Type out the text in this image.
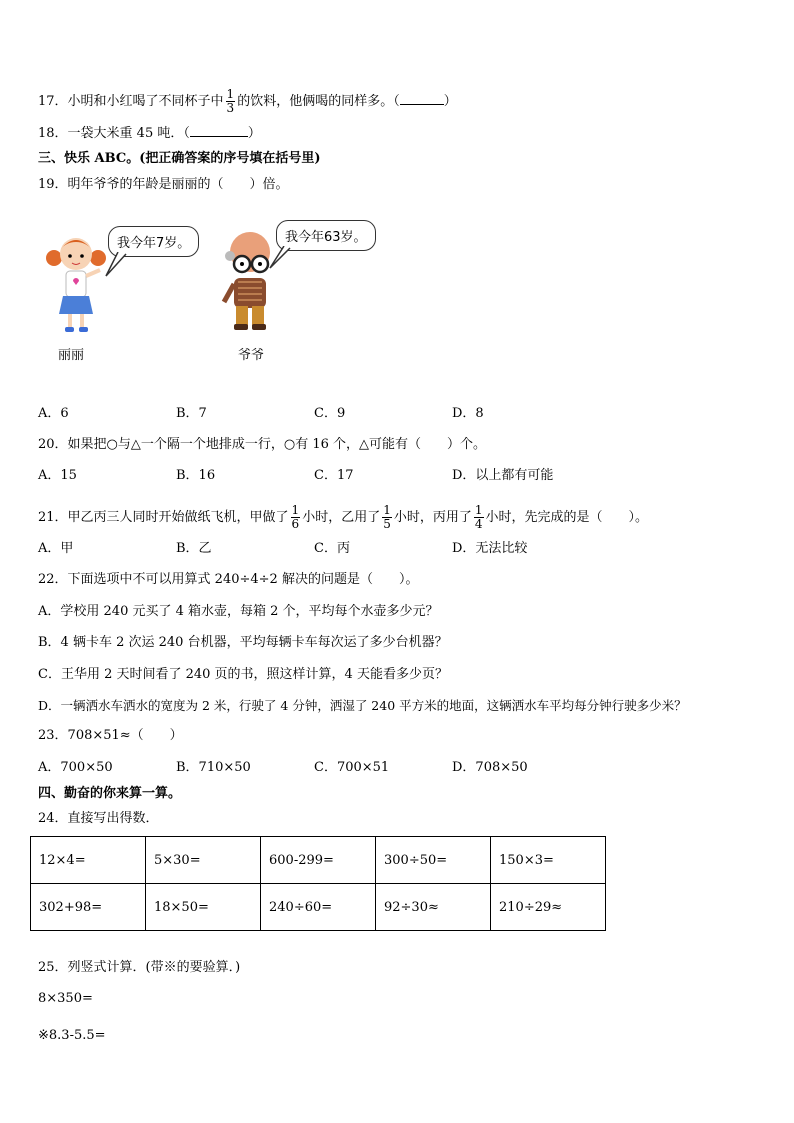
17．小明和小红喝了不同杯子中 $\frac{1}{3}$ 的饮料，他俩喝的同样多。（	）
18．一袋大米重 45 吨．（	）
三、快乐 ABC。(把正确答案的序号填在括号里)
19．明年爷爷的年龄是丽丽的（　　）倍。
我今年7岁。
丽丽
我今年63岁。
爷爷
A．6	B．7	C．9	D．8
20．如果把○与△一个隔一个地排成一行，○有 16 个，△可能有（　　）个。
A．15	B．16	C．17	D．以上都有可能
21．甲乙丙三人同时开始做纸飞机，甲做了 $\frac{1}{6}$ 小时，乙用了 $\frac{1}{5}$ 小时，丙用了 $\frac{1}{4}$ 小时，先完成的是（　　）。
A．甲	B．乙	C．丙	D．无法比较
22．下面选项中不可以用算式 240÷4÷2 解决的问题是（　　）。
A．学校用 240 元买了 4 箱水壶，每箱 2 个，平均每个水壶多少元？
B．4 辆卡车 2 次运 240 台机器，平均每辆卡车每次运了多少台机器？
C．王华用 2 天时间看了 240 页的书，照这样计算，4 天能看多少页？
D．一辆洒水车洒水的宽度为 2 米，行驶了 4 分钟，洒湿了 240 平方米的地面，这辆洒水车平均每分钟行驶多少米？
23．708×51≈（　　）
A．700×50	B．710×50	C．700×51	D．708×50
四、勤奋的你来算一算。
24．直接写出得数．
12×4=	5×30=	600-299=	300÷50=	150×3=
302+98=	18×50=	240÷60=	92÷30≈	210÷29≈
25．列竖式计算．(带※的要验算．)
8×350=
※8.3-5.5=
